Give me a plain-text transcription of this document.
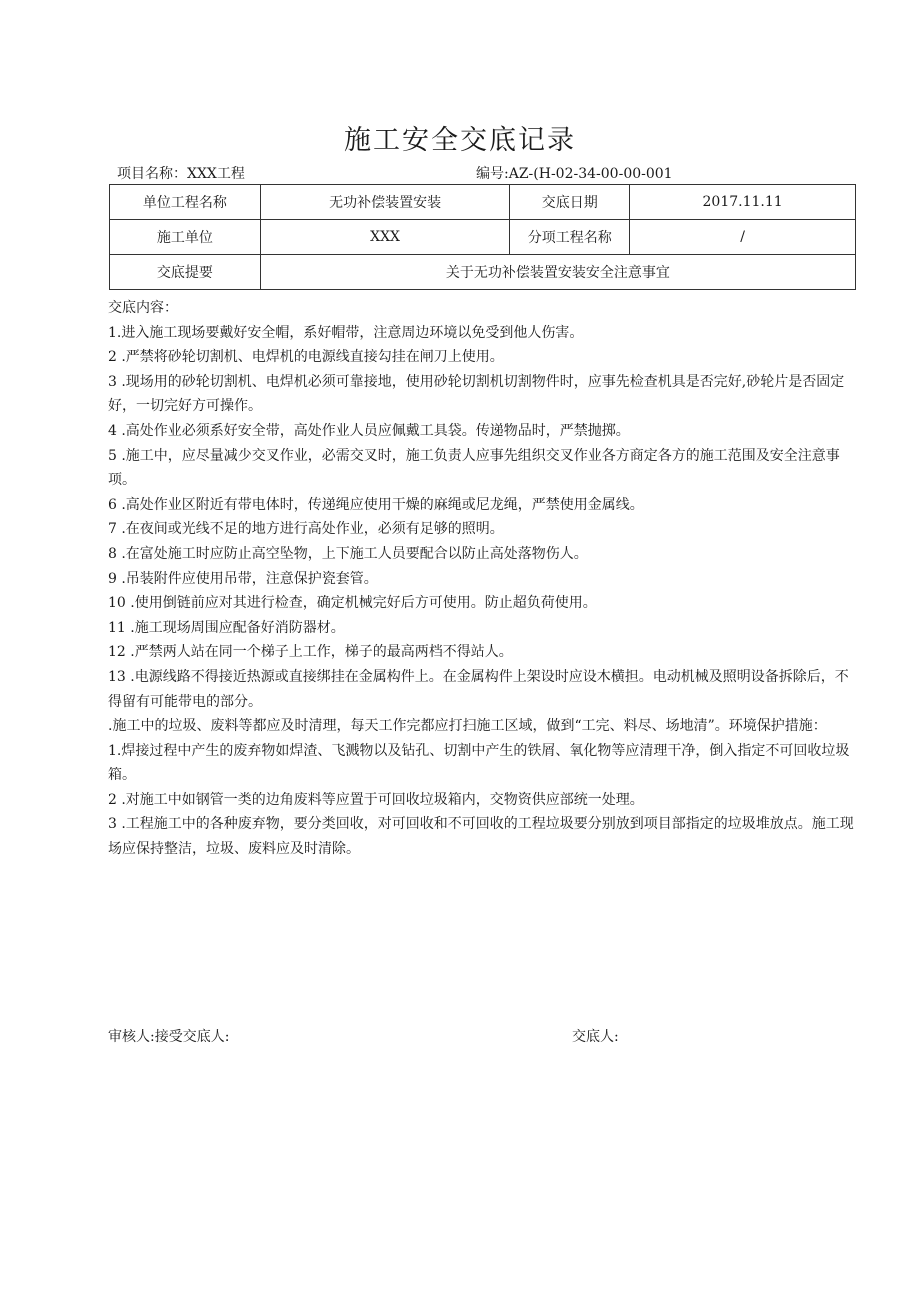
施工安全交底记录
项目名称：XXX工程	编号:AZ-(H-02-34-00-00-001
单位工程名称	无功补偿装置安装	交底日期	2017.11.11
施工单位	XXX	分项工程名称	/
交底提要	关于无功补偿装置安装安全注意事宜		

交底内容：

1.进入施工现场要戴好安全帽，系好帽带，注意周边环境以免受到他人伤害。

2 .严禁将砂轮切割机、电焊机的电源线直接勾挂在闸刀上使用。

3 .现场用的砂轮切割机、电焊机必须可靠接地，使用砂轮切割机切割物件时，应事先检查机具是否完好,砂轮片是否固定好，一切完好方可操作。

4 .高处作业必须系好安全带，高处作业人员应佩戴工具袋。传递物品时，严禁抛掷。

5 .施工中，应尽量减少交叉作业，必需交叉时，施工负责人应事先组织交叉作业各方商定各方的施工范围及安全注意事项。

6 .高处作业区附近有带电体时，传递绳应使用干燥的麻绳或尼龙绳，严禁使用金属线。

7 .在夜间或光线不足的地方进行高处作业，必须有足够的照明。

8 .在富处施工时应防止高空坠物，上下施工人员要配合以防止高处落物伤人。

9 .吊装附件应使用吊带，注意保护瓷套管。

10 .使用倒链前应对其进行检查，确定机械完好后方可使用。防止超负荷使用。

11 .施工现场周围应配备好消防器材。

12 .严禁两人站在同一个梯子上工作，梯子的最高两档不得站人。

13 .电源线路不得接近热源或直接绑挂在金属构件上。在金属构件上架设时应设木横担。电动机械及照明设备拆除后，不得留有可能带电的部分。

.施工中的垃圾、废料等都应及时清理，每天工作完都应打扫施工区域，做到“工完、料尽、场地清”。环境保护措施：

1.焊接过程中产生的废弃物如焊渣、飞溅物以及钻孔、切割中产生的铁屑、氧化物等应清理干净，倒入指定不可回收垃圾箱。

2 .对施工中如钢管一类的边角废料等应置于可回收垃圾箱内，交物资供应部统一处理。

3 .工程施工中的各种废弃物，要分类回收，对可回收和不可回收的工程垃圾要分别放到项目部指定的垃圾堆放点。施工现场应保持整洁，垃圾、废料应及时清除。

审核人:接受交底人:	交底人:
